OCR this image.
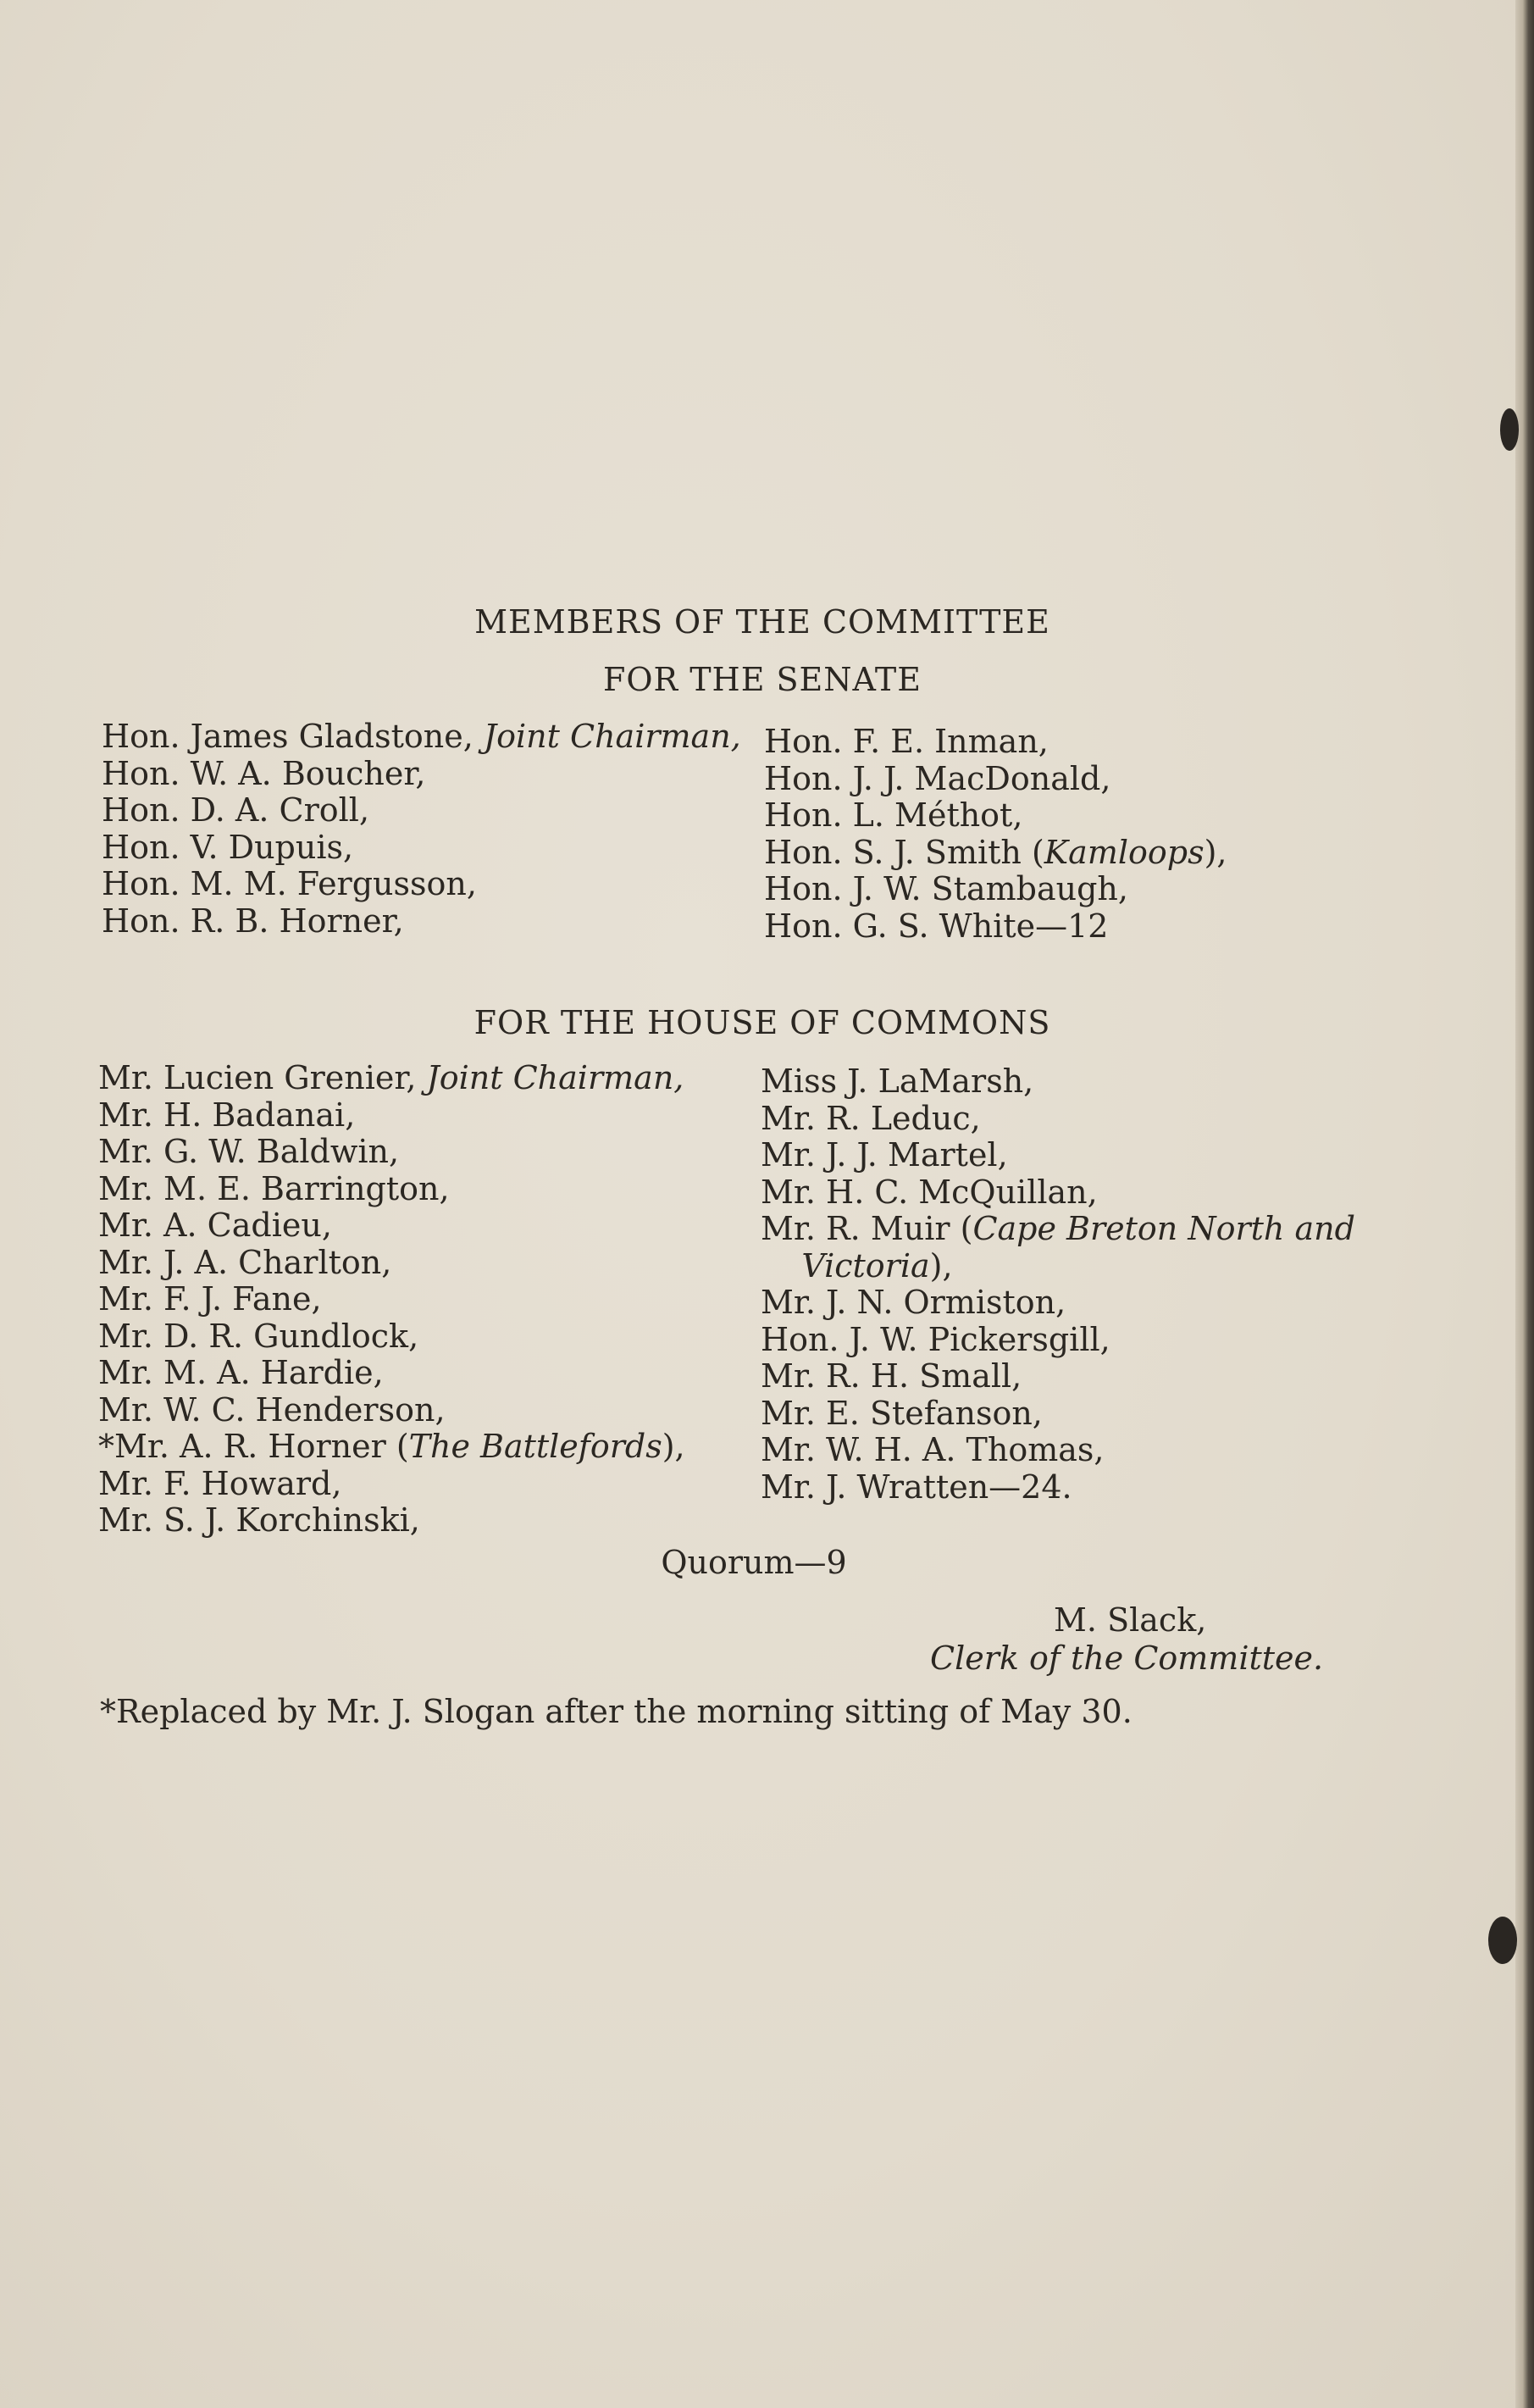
MEMBERS OF THE COMMITTEE
FOR THE SENATE
Hon. James Gladstone, Joint Chairman,
Hon. W. A. Boucher,
Hon. D. A. Croll,
Hon. V. Dupuis,
Hon. M. M. Fergusson,
Hon. R. B. Horner,
Hon. F. E. Inman,
Hon. J. J. MacDonald,
Hon. L. Méthot,
Hon. S. J. Smith (Kamloops),
Hon. J. W. Stambaugh,
Hon. G. S. White—12
FOR THE HOUSE OF COMMONS
Mr. Lucien Grenier, Joint Chairman,
Mr. H. Badanai,
Mr. G. W. Baldwin,
Mr. M. E. Barrington,
Mr. A. Cadieu,
Mr. J. A. Charlton,
Mr. F. J. Fane,
Mr. D. R. Gundlock,
Mr. M. A. Hardie,
Mr. W. C. Henderson,
*Mr. A. R. Horner (The Battlefords),
Mr. F. Howard,
Mr. S. J. Korchinski,
Miss J. LaMarsh,
Mr. R. Leduc,
Mr. J. J. Martel,
Mr. H. C. McQuillan,
Mr. R. Muir (Cape Breton North and
Victoria),
Mr. J. N. Ormiston,
Hon. J. W. Pickersgill,
Mr. R. H. Small,
Mr. E. Stefanson,
Mr. W. H. A. Thomas,
Mr. J. Wratten—24.
Quorum—9
M. Slack,
Clerk of the Committee.
*Replaced by Mr. J. Slogan after the morning sitting of May 30.
